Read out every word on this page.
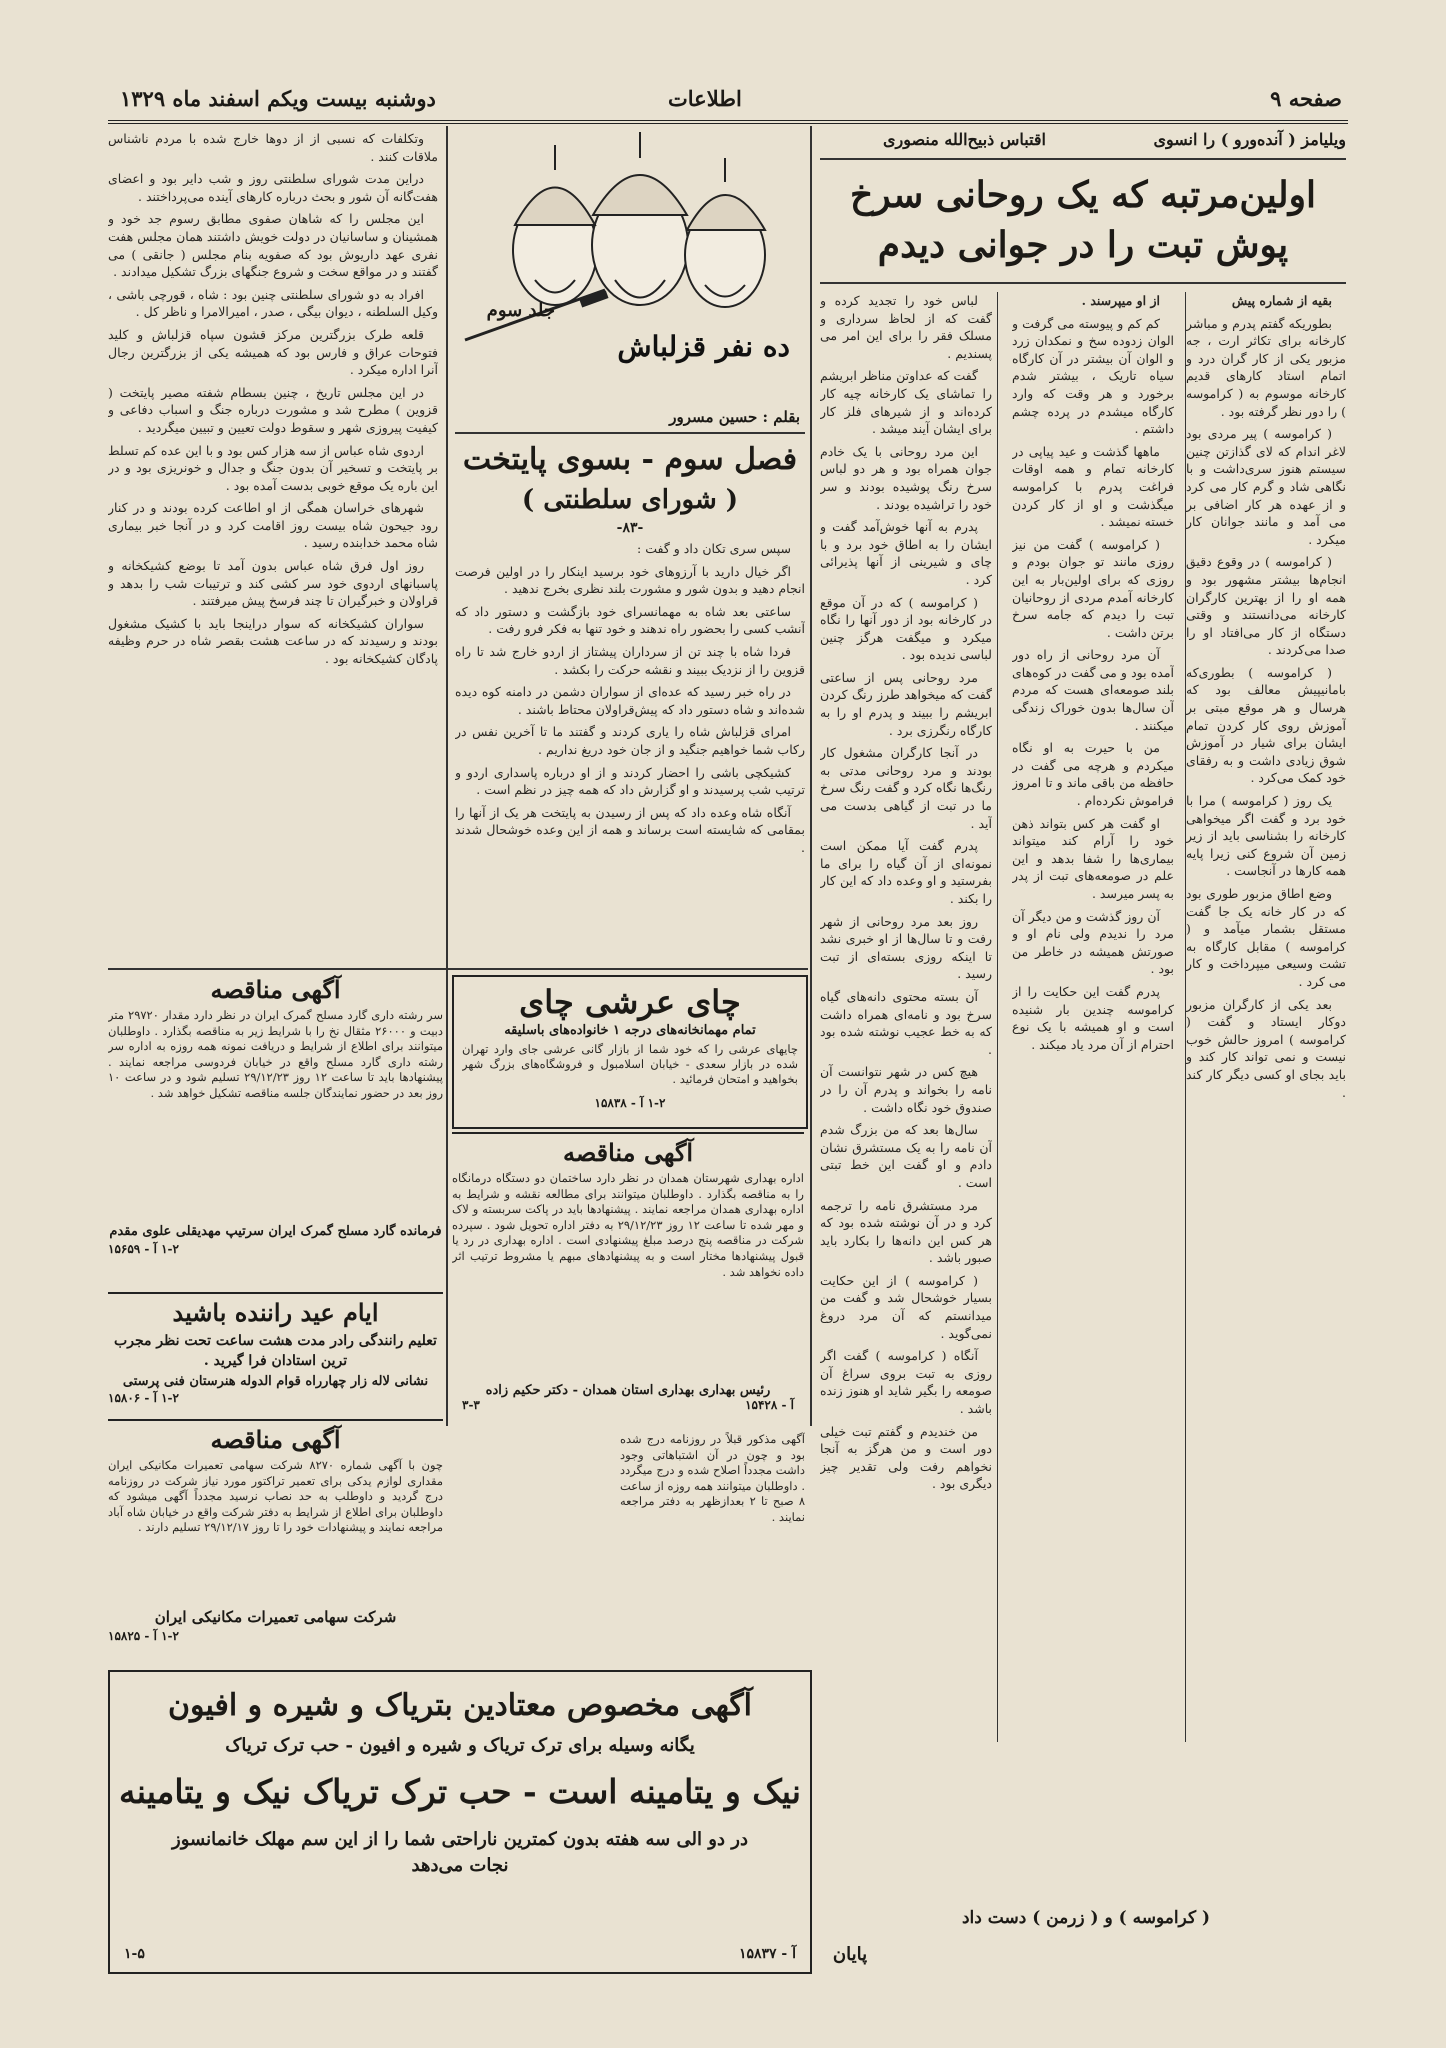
صفحه ۹
اطلاعات
دوشنبه بیست ویکم اسفند ماه ۱۳۲۹
ویلیامز ( آند‌ه‌ورو ) را انسوی
اقتباس ذبیح‌الله منصوری
اولین‌مرتبه که یک روحانی سرخ پوش تبت را در جوانی دیدم

بقیه از شماره پیش

بطوریکه گفتم پدرم و مباشر کارخانه برای تکاثر ارت ، جه مزبور یکی از کار گران درد و اتمام استاد کارهای قدیم کارخانه موسوم به ( کراموسه ) را دور نظر گرفته بود .

( کراموسه ) پیر مردی بود لاغر اندام که لای گذازتن چنین سیستم هنوز سری‌داشت و با نگاهی شاد و گرم کار می کرد و از عهده هر کار اضافی بر می آمد و مانند جوانان کار میکرد .

( کراموسه ) در وقوع دقیق انجام‌ها بیشتر مشهور بود و همه او را از بهترین کارگران کارخانه می‌دانستند و وقتی دستگاه از کار می‌افتاد او را صدا می‌کردند .

( کراموسه ) بطوری‌که بامانیپیش معالف بود که هرسال و هر موقع مبتی بر آموزش روی کار کردن تمام ایشان برای شیار در آموزش شوق زیادی داشت و به رفقای خود کمک می‌کرد .

یک روز ( کراموسه ) مرا با خود برد و گفت اگر میخواهی کارخانه را بشناسی باید از زیر زمین آن شروع کنی زیرا پایه همه کارها در آنجاست .

وضع اطاق مزبور طوری بود که در کار خانه یک جا گفت مستقل بشمار میآمد و ( کراموسه ) مقابل کارگاه به تشت وسیعی میپرداخت و کار می کرد .

بعد یکی از کارگران مزبور دوکار ایستاد و گفت ( کراموسه ) امروز حالش خوب نیست و نمی تواند کار کند و باید بجای او کسی دیگر کار کند .

از او میپرسند .

کم کم و پیوسته می گرفت و الوان زدوده سخ و نمکدان زرد و الوان آن بیشتر در آن کارگاه سیاه تاریک ، بیشتر شدم برخورد و هر وقت که وارد کارگاه میشدم در پرده چشم داشتم .

ماهها گذشت و عید پیاپی در کارخانه تمام و همه اوقات فراغت پدرم با کراموسه میگذشت و او از کار کردن خسته نمیشد .

( کراموسه ) گفت من نیز روزی مانند تو جوان بودم و روزی که برای اولین‌بار به این کارخانه آمدم مردی از روحانیان تبت را دیدم که جامه سرخ برتن داشت .

آن مرد روحانی از راه دور آمده بود و می گفت در کوه‌های بلند صومعه‌ای هست که مردم آن سال‌ها بدون خوراک زندگی میکنند .

من با حیرت به او نگاه میکردم و هرچه می گفت در حافظه من باقی ماند و تا امروز فراموش نکرده‌ام .

او گفت هر کس بتواند ذهن خود را آرام کند میتواند بیماری‌ها را شفا بدهد و این علم در صومعه‌های تبت از پدر به پسر میرسد .

آن روز گذشت و من دیگر آن مرد را ندیدم ولی نام او و صورتش همیشه در خاطر من بود .

پدرم گفت این حکایت را از کراموسه چندین بار شنیده است و او همیشه با یک نوع احترام از آن مرد یاد میکند .

لباس خود را تجدید کرده و گفت که از لحاظ سرداری و مسلک فقر را برای این امر می پسندیم .

گفت که عداوتن مناظر ابریشم را تماشای یک کارخانه چیه کار کرده‌اند و از شیرهای فلز کار برای ایشان آیند میشد .

این مرد روحانی با یک خادم جوان همراه بود و هر دو لباس سرخ رنگ پوشیده بودند و سر خود را تراشیده بودند .

پدرم به آنها خوش‌آمد گفت و ایشان را به اطاق خود برد و با چای و شیرینی از آنها پذیرائی کرد .

( کراموسه ) که در آن موقع در کارخانه بود از دور آنها را نگاه میکرد و میگفت هرگز چنین لباسی ندیده بود .

مرد روحانی پس از ساعتی گفت که میخواهد طرز رنگ کردن ابریشم را ببیند و پدرم او را به کارگاه رنگرزی برد .

در آنجا کارگران مشغول کار بودند و مرد روحانی مدتی به رنگ‌ها نگاه کرد و گفت رنگ سرخ ما در تبت از گیاهی بدست می آید .

پدرم گفت آیا ممکن است نمونه‌ای از آن گیاه را برای ما بفرستید و او وعده داد که این کار را بکند .

روز بعد مرد روحانی از شهر رفت و تا سال‌ها از او خبری نشد تا اینکه روزی بسته‌ای از تبت رسید .

آن بسته محتوی دانه‌های گیاه سرخ بود و نامه‌ای همراه داشت که به خط عجیب نوشته شده بود .

هیچ کس در شهر نتوانست آن نامه را بخواند و پدرم آن را در صندوق خود نگاه داشت .

سال‌ها بعد که من بزرگ شدم آن نامه را به یک مستشرق نشان دادم و او گفت این خط تبتی است .

مرد مستشرق نامه را ترجمه کرد و در آن نوشته شده بود که هر کس این دانه‌ها را بکارد باید صبور باشد .

( کراموسه ) از این حکایت بسیار خوشحال شد و گفت من میدانستم که آن مرد دروغ نمی‌گوید .

آنگاه ( کراموسه ) گفت اگر روزی به تبت بروی سراغ آن صومعه را بگیر شاید او هنوز زنده باشد .

من خندیدم و گفتم تبت خیلی دور است و من هرگز به آنجا نخواهم رفت ولی تقدیر چیز دیگری بود .

( کراموسه ) و ( زرمن ) دست داد
پایان
ده نفر قزلباش
جلد سوم
بقلم : حسین مسرور
فصل سوم - بسوی پایتخت
( شورای سلطنتی )
-۸۳-

سپس سری تکان داد و گفت :

اگر خیال دارید با آرزوهای خود برسید اینکار را در اولین فرصت انجام دهید و بدون شور و مشورت بلند نظری بخرج ندهید .

ساعتی بعد شاه به مهمانسرای خود بازگشت و دستور داد که آنشب کسی را بحضور راه ندهند و خود تنها به فکر فرو رفت .

فردا شاه با چند تن از سرداران پیشتاز از اردو خارج شد تا راه قزوین را از نزدیک ببیند و نقشه حرکت را بکشد .

در راه خبر رسید که عده‌ای از سواران دشمن در دامنه کوه دیده شده‌اند و شاه دستور داد که پیش‌قراولان محتاط باشند .

امرای قزلباش شاه را یاری کردند و گفتند ما تا آخرین نفس در رکاب شما خواهیم جنگید و از جان خود دریغ نداریم .

کشیکچی باشی را احضار کردند و از او درباره پاسداری اردو و ترتیب شب پرسیدند و او گزارش داد که همه چیز در نظم است .

آنگاه شاه وعده داد که پس از رسیدن به پایتخت هر یک از آنها را بمقامی که شایسته است برساند و همه از این وعده خوشحال شدند .

وتکلفات که نسبی از از دوها خارج شده با مردم ناشناس ملاقات کنند .

دراین مدت شورای سلطنتی روز و شب دایر بود و اعضای هفت‌گانه آن شور و بحث درباره کارهای آینده می‌پرداختند .

این مجلس را که شاهان صفوی مطابق رسوم جد خود و همشینان و ساسانیان در دولت خویش داشتند همان مجلس هفت نفری عهد داریوش بود که صفویه بنام مجلس ( جانقی ) می گفتند و در مواقع سخت و شروع جنگهای بزرگ تشکیل میدادند .

افراد به دو شورای سلطنتی چنین بود : شاه ، قورچی باشی ، وکیل السلطنه ، دیوان بیگی ، صدر ، امیرالامرا و ناظر کل .

قلعه طرک بزرگترین مرکز قشون سپاه قزلباش و کلید فتوحات عراق و فارس بود که همیشه یکی از بزرگترین رجال آنرا اداره میکرد .

در این مجلس تاریخ ، چنین بسطام شفته مصیر پایتخت ( قزوین ) مطرح شد و مشورت درباره جنگ و اسباب دفاعی و کیفیت پیروزی شهر و سقوط دولت تعیین و تبیین میگردید .

اردوی شاه عباس از سه هزار کس بود و با این عده کم تسلط بر پایتخت و تسخیر آن بدون جنگ و جدال و خونریزی بود و در این باره یک موقع خوبی بدست آمده بود .

شهرهای خراسان همگی از او اطاعت کرده بودند و در کنار رود جیحون شاه بیست روز اقامت کرد و در آنجا خبر بیماری شاه محمد خدابنده رسید .

روز اول فرق شاه عباس بدون آمد تا بوضع کشیکخانه و پاسبانهای اردوی خود سر کشی کند و ترتیبات شب را بدهد و قراولان و خبرگیران تا چند فرسخ پیش میرفتند .

سواران کشیکخانه که سوار دراینجا باید با کشیک مشغول بودند و رسیدند که در ساعت هشت بقصر شاه در حرم وظیفه پادگان کشیکخانه بود .

چای عرشی چای
تمام مهمانخانه‌های درجه ۱ خانواده‌های باسلیقه
چایهای عرشی را که خود شما از بازار گانی عرشی جای وارد تهران شده در بازار سعدی - خیابان اسلامبول و فروشگاه‌های بزرگ شهر بخواهید و امتحان فرمائید .
۱-۲ آ - ۱۵۸۳۸
آگهی مناقصه
اداره بهداری شهرستان همدان در نظر دارد ساختمان دو دستگاه درمانگاه را به مناقصه بگذارد . داوطلبان میتوانند برای مطالعه نقشه و شرایط به اداره بهداری همدان مراجعه نمایند . پیشنهادها باید در پاکت سربسته و لاک و مهر شده تا ساعت ۱۲ روز ۲۹/۱۲/۲۳ به دفتر اداره تحویل شود . سپرده شرکت در مناقصه پنج درصد مبلغ پیشنهادی است . اداره بهداری در رد یا قبول پیشنهادها مختار است و به پیشنهادهای مبهم یا مشروط ترتیب اثر داده نخواهد شد .
رئیس بهداری بهداری استان همدان - دکتر حکیم زاده
۳-۳	آ - ۱۵۴۲۸
آگهی مناقصه
سر رشته داری گارد مسلح گمرک ایران در نظر دارد مقدار ۲۹۷۲۰ متر دبیت و ۲۶۰۰۰ مثقال نخ را با شرایط زیر به مناقصه بگذارد . داوطلبان میتوانند برای اطلاع از شرایط و دریافت نمونه همه روزه به اداره سر رشته داری گارد مسلح واقع در خیابان فردوسی مراجعه نمایند . پیشنهادها باید تا ساعت ۱۲ روز ۲۹/۱۲/۲۳ تسلیم شود و در ساعت ۱۰ روز بعد در حضور نمایندگان جلسه مناقصه تشکیل خواهد شد .
فرمانده گارد مسلح گمرک ایران سرتیپ مهدیقلی علوی مقدم
۱-۲ آ - ۱۵۶۵۹
ایام عید راننده باشید
تعلیم رانندگی رادر مدت هشت ساعت تحت نظر مجرب ترین استادان فرا گیرید .
نشانی لاله زار چهارراه قوام الدوله هنرستان فنی پرستی
۱-۲ آ - ۱۵۸۰۶
آگهی مناقصه
چون با آگهی شماره ۸۲۷۰ شرکت سهامی تعمیرات مکانیکی ایران مقداری لوازم یدکی برای تعمیر تراکتور مورد نیاز شرکت در روزنامه درج گردید و داوطلب به حد نصاب نرسید مجدداً آگهی میشود که داوطلبان برای اطلاع از شرایط به دفتر شرکت واقع در خیابان شاه آباد مراجعه نمایند و پیشنهادات خود را تا روز ۲۹/۱۲/۱۷ تسلیم دارند .
شرکت سهامی تعمیرات مکانیکی ایران
۱-۲ آ - ۱۵۸۲۵
آگهی مذکور قبلاً در روزنامه درج شده بود و چون در آن اشتباهاتی وجود داشت مجدداً اصلاح شده و درج میگردد . داوطلبان میتوانند همه روزه از ساعت ۸ صبح تا ۲ بعدازظهر به دفتر مراجعه نمایند .
آگهی مخصوص معتادین بتریاک و شیره و افیون
یگانه وسیله برای ترک تریاک و شیره و افیون - حب ترک تریاک
نیک و یتامینه است - حب ترک تریاک نیک و یتامینه
در دو الی سه هفته بدون کمترین ناراحتی شما را از این سم مهلک خانمانسوز نجات می‌دهد
۱-۵	آ - ۱۵۸۳۷
